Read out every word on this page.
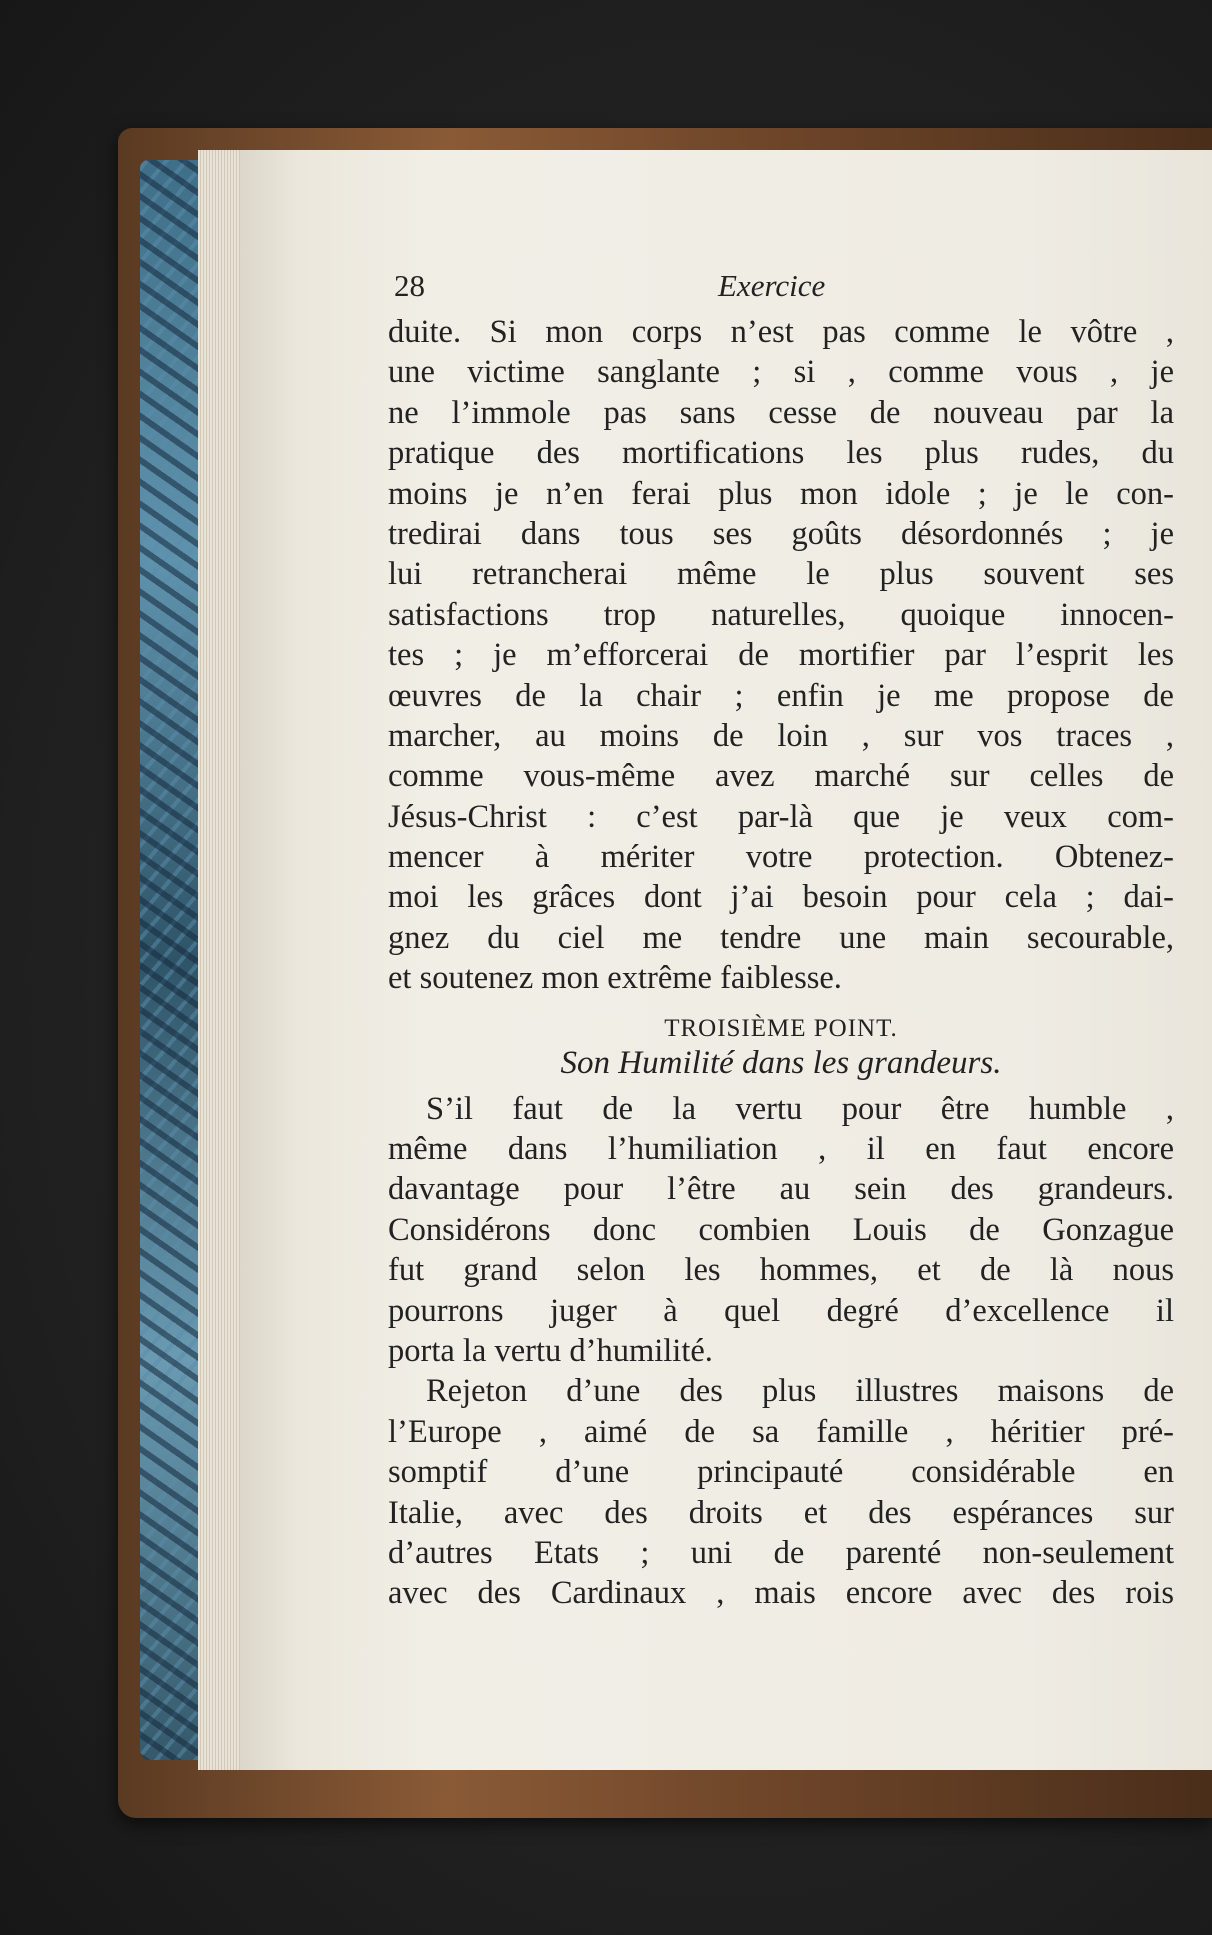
28	Exercice
duite. Si mon corps n’est pas comme le vôtre ,
une victime sanglante ; si , comme vous , je
ne l’immole pas sans cesse de nouveau par la
pratique des mortifications les plus rudes, du
moins je n’en ferai plus mon idole ; je le con-
tredirai dans tous ses goûts désordonnés ; je
lui retrancherai même le plus souvent ses
satisfactions trop naturelles, quoique innocen-
tes ; je m’efforcerai de mortifier par l’esprit les
œuvres de la chair ; enfin je me propose de
marcher, au moins de loin , sur vos traces ,
comme vous-même avez marché sur celles de
Jésus-Christ : c’est par-là que je veux com-
mencer à mériter votre protection. Obtenez-
moi les grâces dont j’ai besoin pour cela ; dai-
gnez du ciel me tendre une main secourable,
et soutenez mon extrême faiblesse.
TROISIÈME POINT.
Son Humilité dans les grandeurs.
S’il faut de la vertu pour être humble ,
même dans l’humiliation , il en faut encore
davantage pour l’être au sein des grandeurs.
Considérons donc combien Louis de Gonzague
fut grand selon les hommes, et de là nous
pourrons juger à quel degré d’excellence il
porta la vertu d’humilité.
Rejeton d’une des plus illustres maisons de
l’Europe , aimé de sa famille , héritier pré-
somptif d’une principauté considérable en
Italie, avec des droits et des espérances sur
d’autres Etats ; uni de parenté non-seulement
avec des Cardinaux , mais encore avec des rois
